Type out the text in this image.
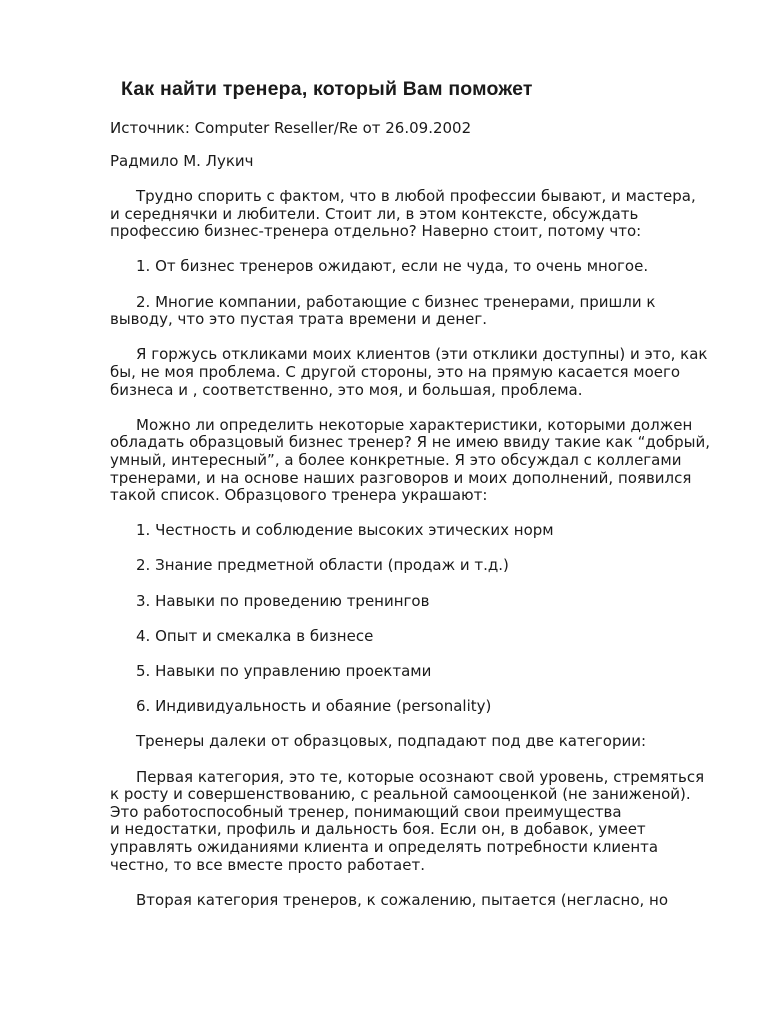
Как найти тренера, который Вам поможет
Источник: Computer Reseller/Re от 26.09.2002
Радмило М. Лукич

Трудно спорить с фактом, что в любой профессии бывают, и мастера, и середнячки и любители. Стоит ли, в этом контексте, обсуждать профессию бизнес-тренера отдельно? Наверно стоит, потому что:

1. От бизнес тренеров ожидают, если не чуда, то очень многое.

2. Многие компании, работающие с бизнес тренерами, пришли к выводу, что это пустая трата времени и денег.

Я горжусь откликами моих клиентов (эти отклики доступны) и это, как бы, не моя проблема. С другой стороны, это на прямую касается моего бизнеса и , соответственно, это моя, и большая, проблема.

Можно ли определить некоторые характеристики, которыми должен обладать образцовый бизнес тренер? Я не имею ввиду такие как “добрый, умный, интересный”, а более конкретные. Я это обсуждал с коллегами тренерами, и на основе наших разговоров и моих дополнений, появился такой список. Образцового тренера украшают:

1. Честность и соблюдение высоких этических норм

2. Знание предметной области (продаж и т.д.)

3. Навыки по проведению тренингов

4. Опыт и смекалка в бизнесе

5. Навыки по управлению проектами

6. Индивидуальность и обаяние (personality)

Тренеры далеки от образцовых, подпадают под две категории:

Первая категория, это те, которые осознают свой уровень, стремяться к росту и совершенствованию, с реальной самооценкой (не заниженой). Это работоспособный тренер, понимающий свои преимущества

и недостатки, профиль и дальность боя. Если он, в добавок, умеет управлять ожиданиями клиента и определять потребности клиента честно, то все вместе просто работает.

Вторая категория тренеров, к сожалению, пытается (негласно, но
